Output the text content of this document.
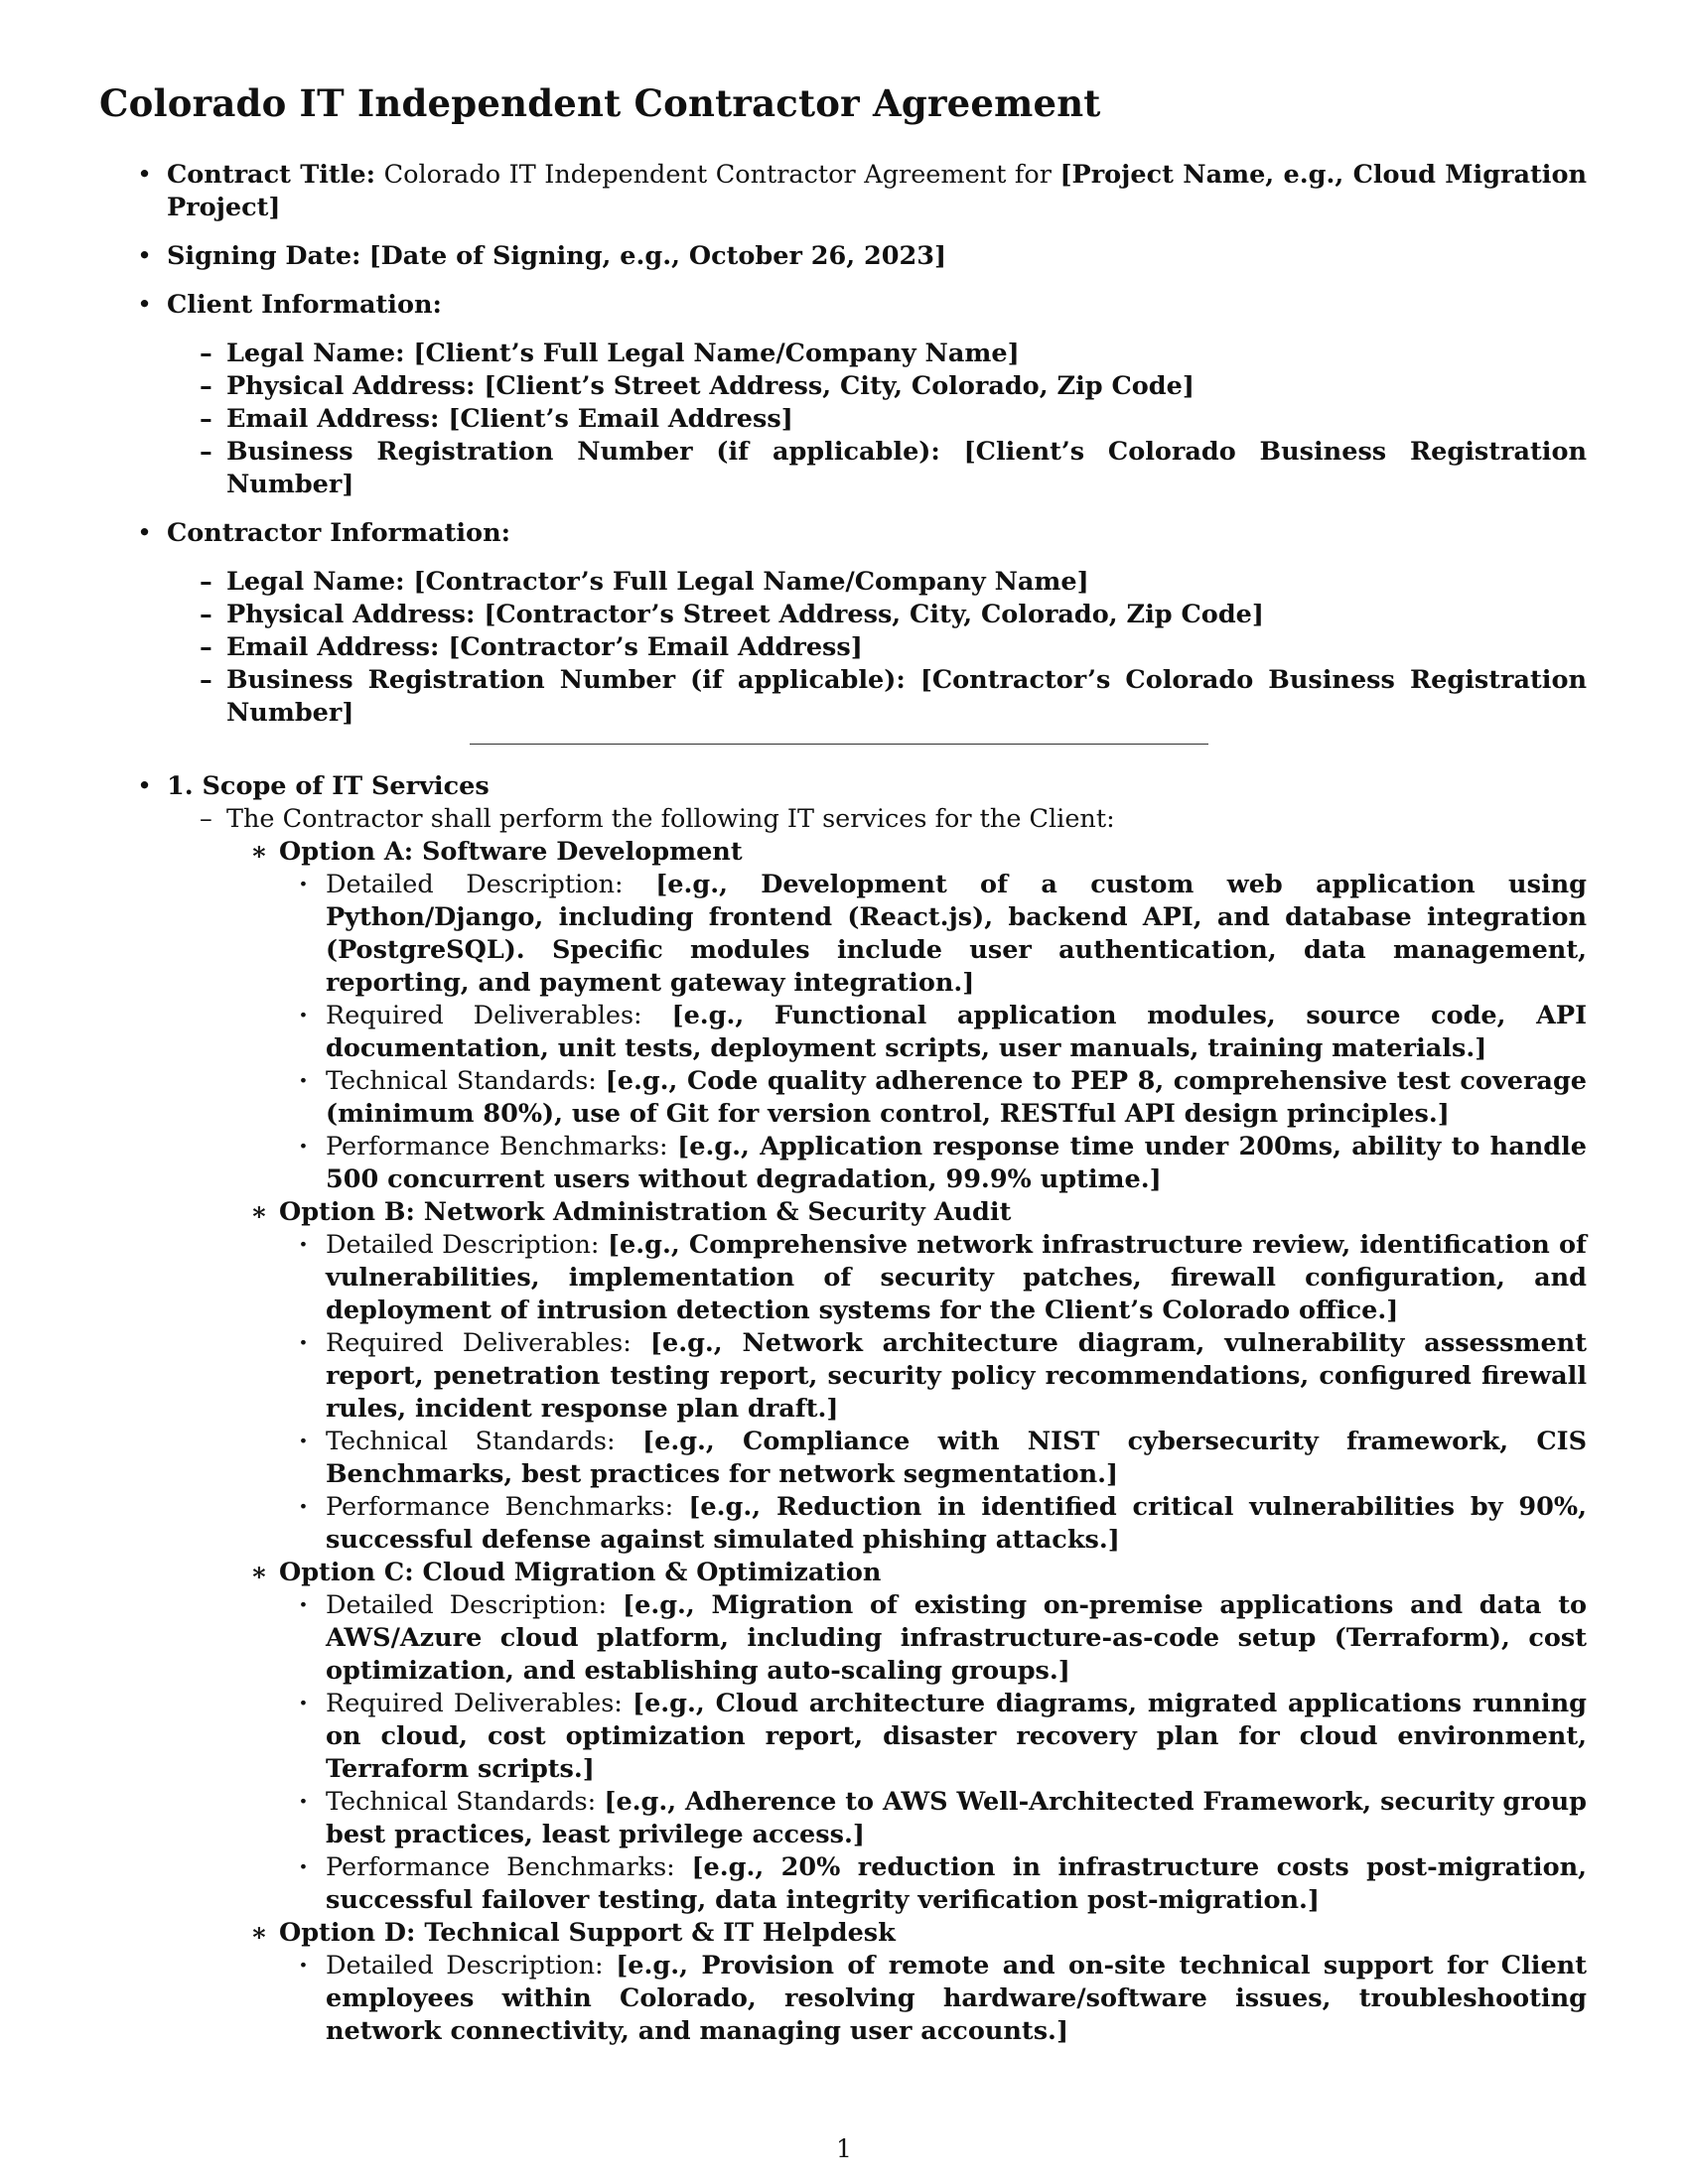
Colorado IT Independent Contractor Agreement
• Contract Title: Colorado IT Independent Contractor Agreement for [Project Name, e.g., Cloud Migration Project]
• Signing Date: [Date of Signing, e.g., October 26, 2023]
• Client Information:
– Legal Name: [Client’s Full Legal Name/Company Name]
– Physical Address: [Client’s Street Address, City, Colorado, Zip Code]
– Email Address: [Client’s Email Address]
– Business Registration Number (if applicable): [Client’s Colorado Business Registration Number]
• Contractor Information:
– Legal Name: [Contractor’s Full Legal Name/Company Name]
– Physical Address: [Contractor’s Street Address, City, Colorado, Zip Code]
– Email Address: [Contractor’s Email Address]
– Business Registration Number (if applicable): [Contractor’s Colorado Business Registration Number]
• 1. Scope of IT Services
– The Contractor shall perform the following IT services for the Client:
∗ Option A: Software Development
· Detailed Description: [e.g., Development of a custom web application using Python/Django, including frontend (React.js), backend API, and database integration (PostgreSQL). Specific modules include user authentication, data management, reporting, and payment gateway integration.]
· Required Deliverables: [e.g., Functional application modules, source code, API documentation, unit tests, deployment scripts, user manuals, training materials.]
· Technical Standards: [e.g., Code quality adherence to PEP 8, comprehensive test coverage (minimum 80%), use of Git for version control, RESTful API design principles.]
· Performance Benchmarks: [e.g., Application response time under 200ms, ability to handle 500 concurrent users without degradation, 99.9% uptime.]
∗ Option B: Network Administration & Security Audit
· Detailed Description: [e.g., Comprehensive network infrastructure review, identification of vulnerabilities, implementation of security patches, firewall configuration, and deployment of intrusion detection systems for the Client’s Colorado office.]
· Required Deliverables: [e.g., Network architecture diagram, vulnerability assessment report, penetration testing report, security policy recommendations, configured firewall rules, incident response plan draft.]
· Technical Standards: [e.g., Compliance with NIST cybersecurity framework, CIS Benchmarks, best practices for network segmentation.]
· Performance Benchmarks: [e.g., Reduction in identified critical vulnerabilities by 90%, successful defense against simulated phishing attacks.]
∗ Option C: Cloud Migration & Optimization
· Detailed Description: [e.g., Migration of existing on-premise applications and data to AWS/Azure cloud platform, including infrastructure-as-code setup (Terraform), cost optimization, and establishing auto-scaling groups.]
· Required Deliverables: [e.g., Cloud architecture diagrams, migrated applications running on cloud, cost optimization report, disaster recovery plan for cloud environment, Terraform scripts.]
· Technical Standards: [e.g., Adherence to AWS Well-Architected Framework, security group best practices, least privilege access.]
· Performance Benchmarks: [e.g., 20% reduction in infrastructure costs post-migration, successful failover testing, data integrity verification post-migration.]
∗ Option D: Technical Support & IT Helpdesk
· Detailed Description: [e.g., Provision of remote and on-site technical support for Client employees within Colorado, resolving hardware/software issues, troubleshooting network connectivity, and managing user accounts.]
1
